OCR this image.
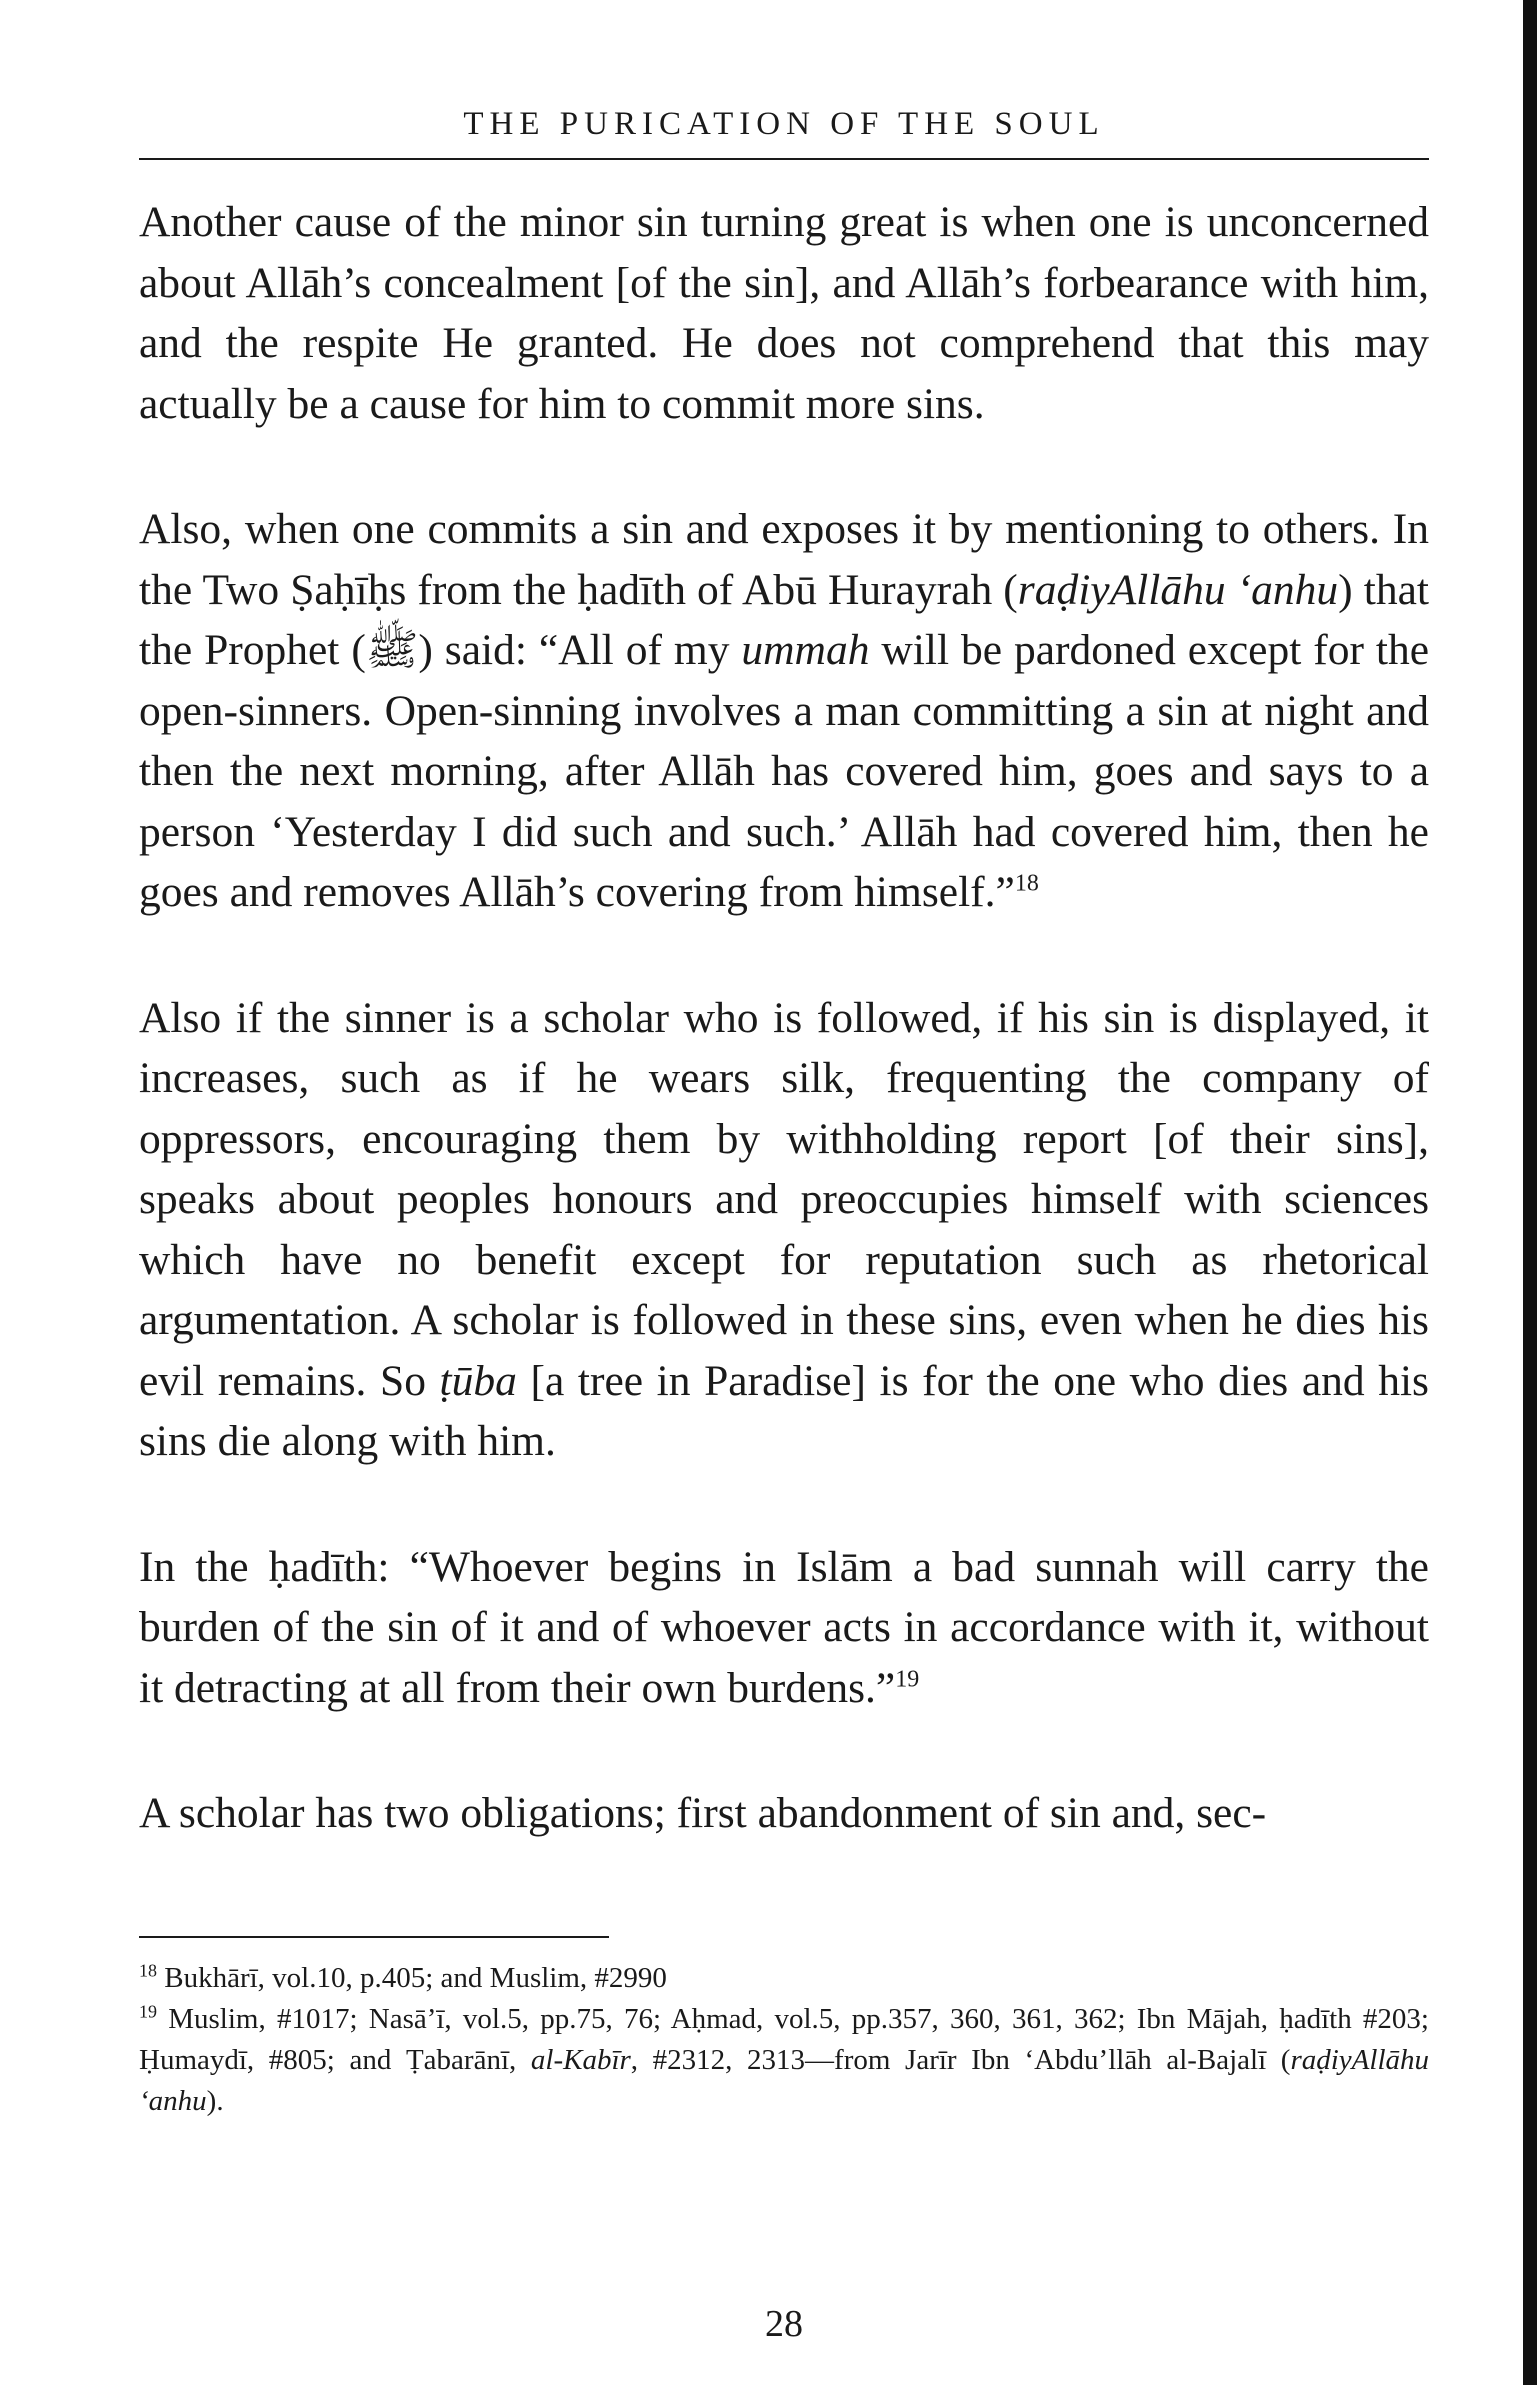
THE PURICATION OF THE SOUL

Another cause of the minor sin turning great is when one is unconcerned about Allāh’s concealment [of the sin], and Allāh’s forbearance with him, and the respite He granted. He does not comprehend that this may actually be a cause for him to commit more sins.

Also, when one commits a sin and exposes it by mentioning to others. In the Two Ṣaḥīḥs from the ḥadīth of Abū Hurayrah (raḍiyAllāhu ‘anhu) that the Prophet (ﷺ) said: “All of my ummah will be pardoned except for the open-sinners. Open-sinning involves a man committing a sin at night and then the next morning, after Allāh has covered him, goes and says to a person ‘Yesterday I did such and such.’ Allāh had covered him, then he goes and removes Allāh’s covering from himself.”$^{18}$

Also if the sinner is a scholar who is followed, if his sin is displayed, it increases, such as if he wears silk, frequenting the company of oppressors, encouraging them by withholding report [of their sins], speaks about peoples honours and preoccupies himself with sciences which have no benefit except for reputation such as rhetorical argumentation. A scholar is followed in these sins, even when he dies his evil remains. So ṭūba [a tree in Paradise] is for the one who dies and his sins die along with him.

In the ḥadīth: “Whoever begins in Islām a bad sunnah will carry the burden of the sin of it and of whoever acts in accordance with it, without it detracting at all from their own burdens.”$^{19}$

A scholar has two obligations; first abandonment of sin and, sec-

$^{18}$ Bukhārī, vol.10, p.405; and Muslim, #2990

$^{19}$ Muslim, #1017; Nasā’ī, vol.5, pp.75, 76; Aḥmad, vol.5, pp.357, 360, 361, 362; Ibn Mājah, ḥadīth #203; Ḥumaydī, #805; and Ṭabarānī, al-Kabīr, #2312, 2313—from Jarīr Ibn ‘Abdu’llāh al-Bajalī (raḍiyAllāhu ‘anhu).

28
